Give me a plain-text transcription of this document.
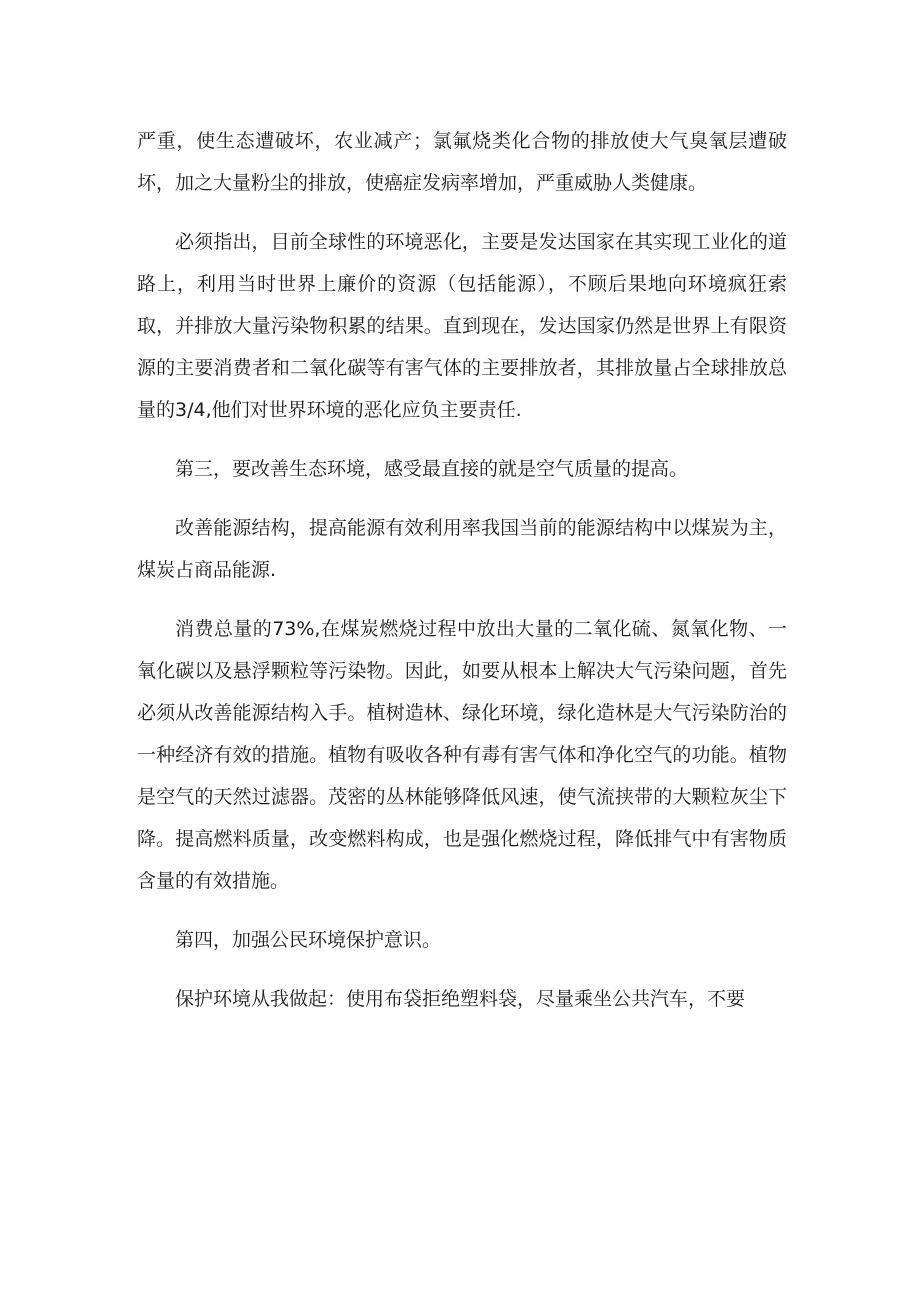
严重，使生态遭破坏，农业减产；氯氟烧类化合物的排放使大气臭氧层遭破坏，加之大量粉尘的排放，使癌症发病率增加，严重威胁人类健康。

必须指出，目前全球性的环境恶化，主要是发达国家在其实现工业化的道路上，利用当时世界上廉价的资源（包括能源），不顾后果地向环境疯狂索取，并排放大量污染物积累的结果。直到现在，发达国家仍然是世界上有限资源的主要消费者和二氧化碳等有害气体的主要排放者，其排放量占全球排放总量的3/4,他们对世界环境的恶化应负主要责任.

第三，要改善生态环境，感受最直接的就是空气质量的提高。

改善能源结构，提高能源有效利用率我国当前的能源结构中以煤炭为主，煤炭占商品能源.

消费总量的73%,在煤炭燃烧过程中放出大量的二氧化硫、氮氧化物、一氧化碳以及悬浮颗粒等污染物。因此，如要从根本上解决大气污染问题，首先必须从改善能源结构入手。植树造林、绿化环境，绿化造林是大气污染防治的一种经济有效的措施。植物有吸收各种有毒有害气体和净化空气的功能。植物是空气的天然过滤器。茂密的丛林能够降低风速，使气流挟带的大颗粒灰尘下降。提高燃料质量，改变燃料构成，也是强化燃烧过程，降低排气中有害物质含量的有效措施。

第四，加强公民环境保护意识。

保护环境从我做起：使用布袋拒绝塑料袋，尽量乘坐公共汽车，不要
